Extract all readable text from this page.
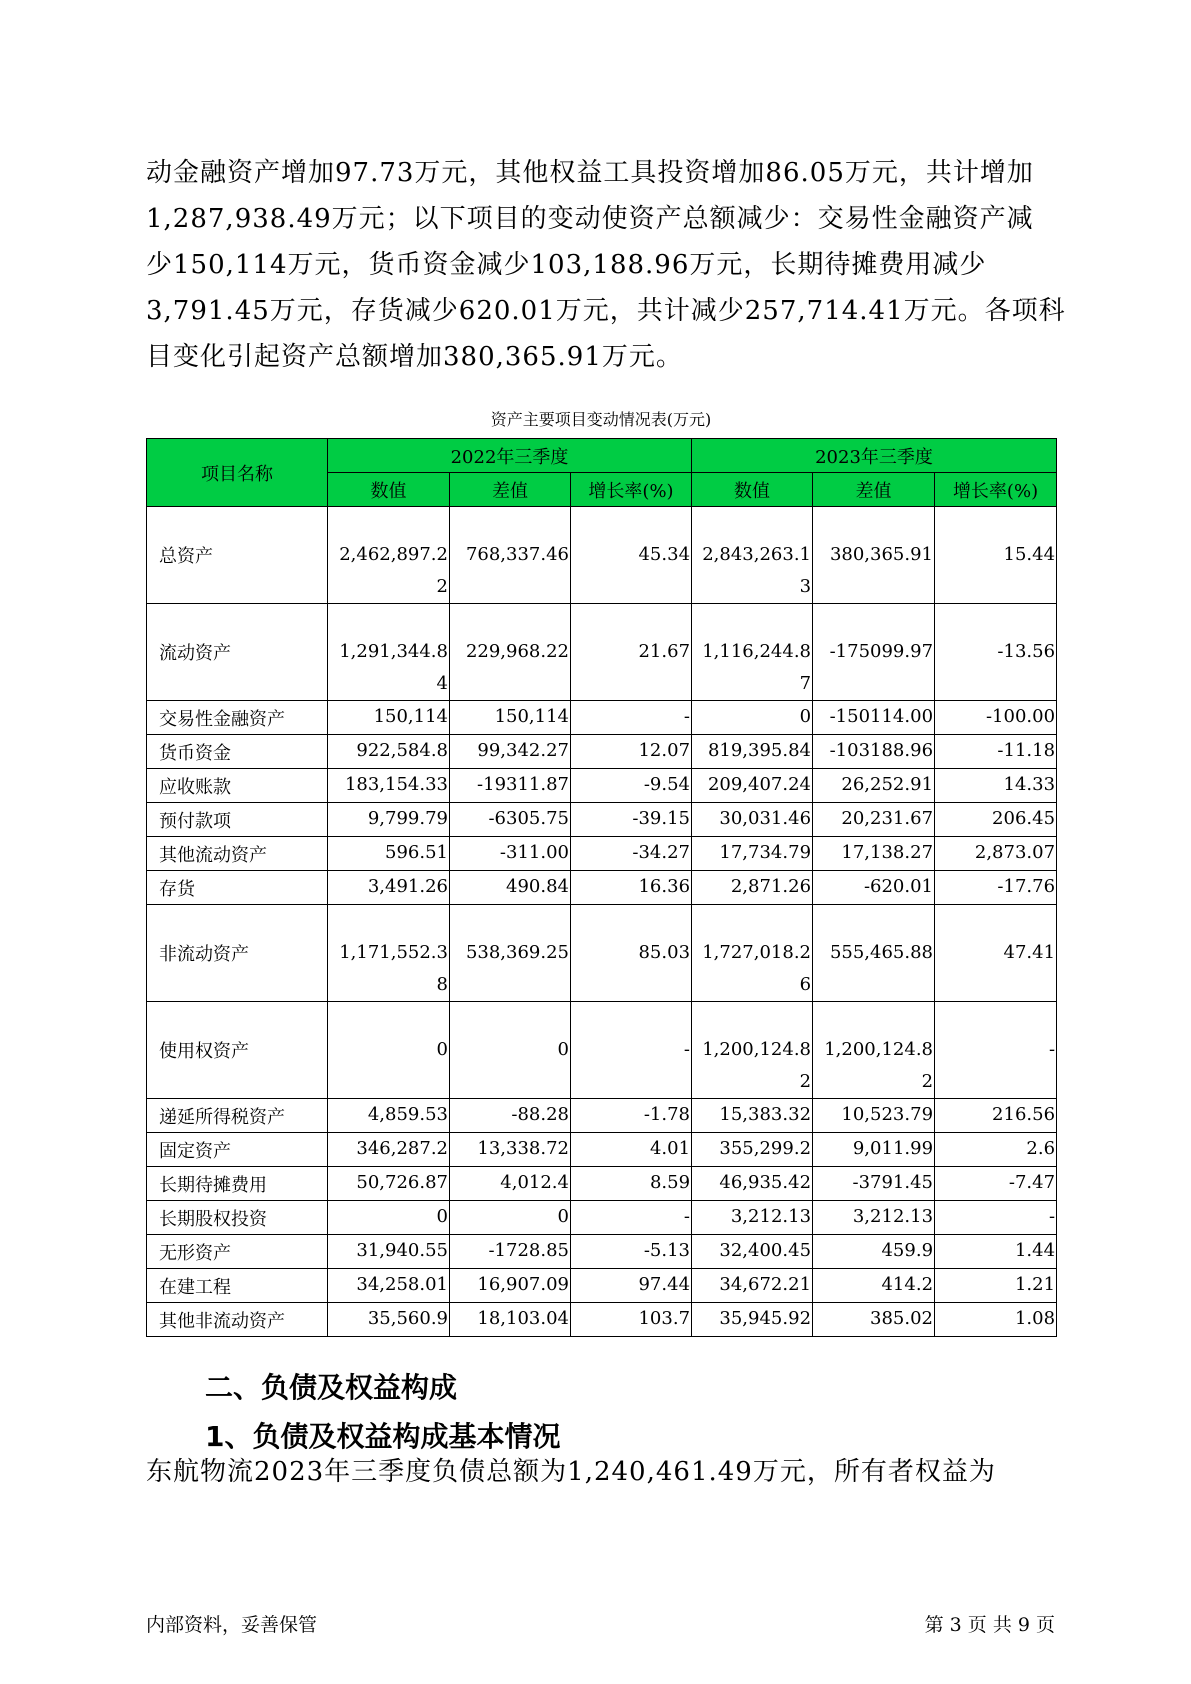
动金融资产增加97.73万元，其他权益工具投资增加86.05万元，共计增加
1,287,938.49万元；以下项目的变动使资产总额减少：交易性金融资产减
少150,114万元，货币资金减少103,188.96万元，长期待摊费用减少
3,791.45万元，存货减少620.01万元，共计减少257,714.41万元。各项科
目变化引起资产总额增加380,365.91万元。
资产主要项目变动情况表(万元)
项目名称	2022年三季度			2023年三季度		
	数值	差值	增长率(%)	数值	差值	增长率(%)
总资产	2,462,897.22	768,337.46	45.34	2,843,263.13	380,365.91	15.44
流动资产	1,291,344.84	229,968.22	21.67	1,116,244.87	-175099.97	-13.56
交易性金融资产	150,114	150,114	-	0	-150114.00	-100.00
货币资金	922,584.8	99,342.27	12.07	819,395.84	-103188.96	-11.18
应收账款	183,154.33	-19311.87	-9.54	209,407.24	26,252.91	14.33
预付款项	9,799.79	-6305.75	-39.15	30,031.46	20,231.67	206.45
其他流动资产	596.51	-311.00	-34.27	17,734.79	17,138.27	2,873.07
存货	3,491.26	490.84	16.36	2,871.26	-620.01	-17.76
非流动资产	1,171,552.38	538,369.25	85.03	1,727,018.26	555,465.88	47.41
使用权资产	0	0	-	1,200,124.82	1,200,124.82	-
递延所得税资产	4,859.53	-88.28	-1.78	15,383.32	10,523.79	216.56
固定资产	346,287.2	13,338.72	4.01	355,299.2	9,011.99	2.6
长期待摊费用	50,726.87	4,012.4	8.59	46,935.42	-3791.45	-7.47
长期股权投资	0	0	-	3,212.13	3,212.13	-
无形资产	31,940.55	-1728.85	-5.13	32,400.45	459.9	1.44
在建工程	34,258.01	16,907.09	97.44	34,672.21	414.2	1.21
其他非流动资产	35,560.9	18,103.04	103.7	35,945.92	385.02	1.08
二、负债及权益构成
1、负债及权益构成基本情况
东航物流2023年三季度负债总额为1,240,461.49万元，所有者权益为
内部资料，妥善保管	第 3 页 共 9 页
